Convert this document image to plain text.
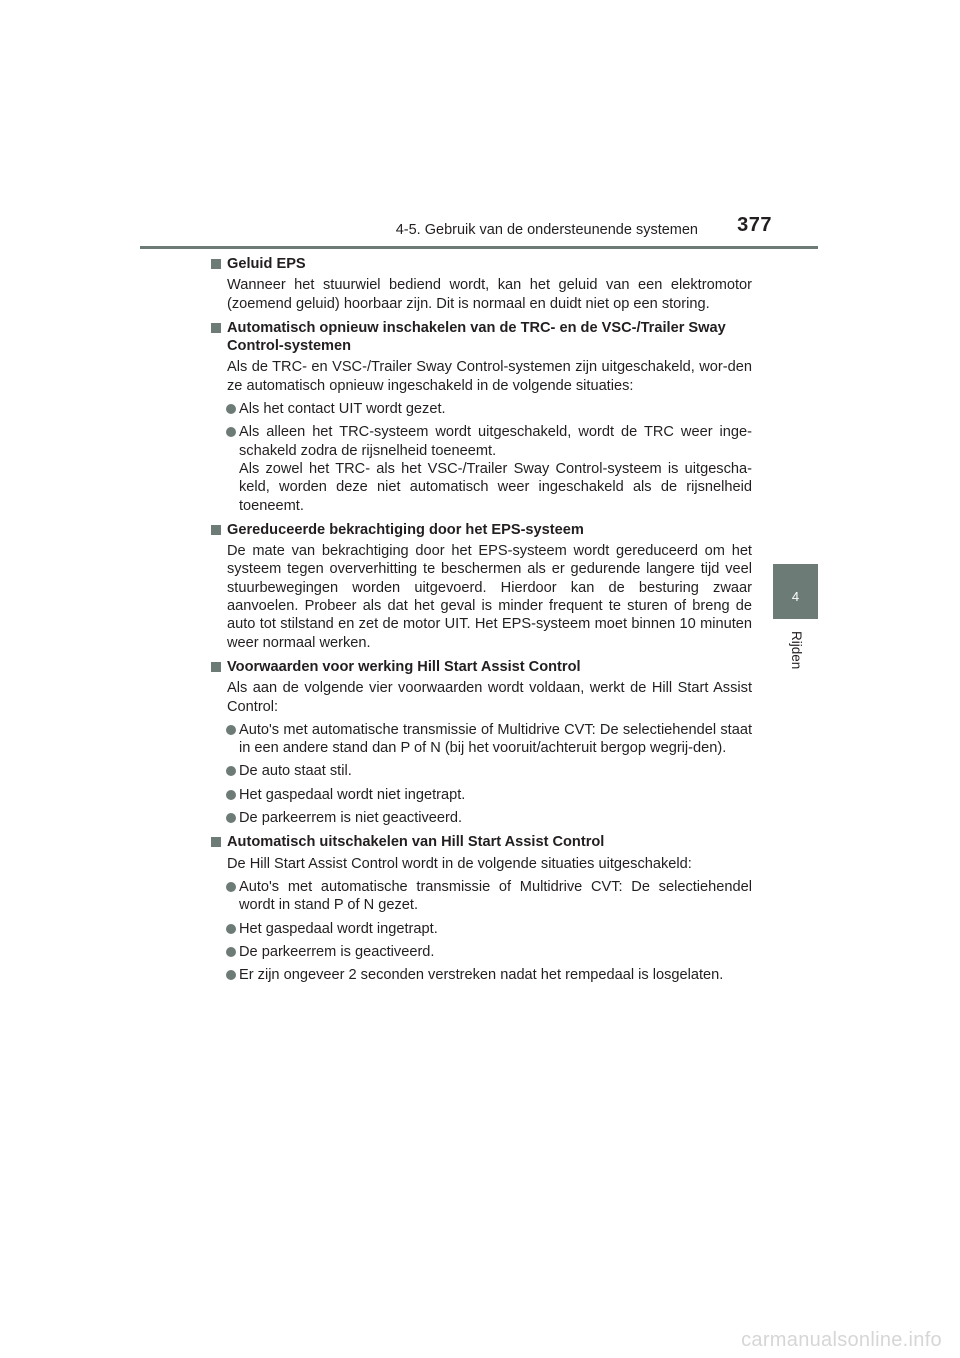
4-5. Gebruik van de ondersteunende systemen 377
4
Rijden
Geluid EPS
Wanneer het stuurwiel bediend wordt, kan het geluid van een elektromotor (zoemend geluid) hoorbaar zijn. Dit is normaal en duidt niet op een storing.
Automatisch opnieuw inschakelen van de TRC- en de VSC-/Trailer Sway Control-systemen
Als de TRC- en VSC-/Trailer Sway Control-systemen zijn uitgeschakeld, wor-den ze automatisch opnieuw ingeschakeld in de volgende situaties:
Als het contact UIT wordt gezet.
Als alleen het TRC-systeem wordt uitgeschakeld, wordt de TRC weer inge-schakeld zodra de rijsnelheid toeneemt.
Als zowel het TRC- als het VSC-/Trailer Sway Control-systeem is uitgescha-keld, worden deze niet automatisch weer ingeschakeld als de rijsnelheid toeneemt.
Gereduceerde bekrachtiging door het EPS-systeem
De mate van bekrachtiging door het EPS-systeem wordt gereduceerd om het systeem tegen oververhitting te beschermen als er gedurende langere tijd veel stuurbewegingen worden uitgevoerd. Hierdoor kan de besturing zwaar aanvoelen. Probeer als dat het geval is minder frequent te sturen of breng de auto tot stilstand en zet de motor UIT. Het EPS-systeem moet binnen 10 minuten weer normaal werken.
Voorwaarden voor werking Hill Start Assist Control
Als aan de volgende vier voorwaarden wordt voldaan, werkt de Hill Start Assist Control:
Auto's met automatische transmissie of Multidrive CVT: De selectiehendel staat in een andere stand dan P of N (bij het vooruit/achteruit bergop wegrij-den).
De auto staat stil.
Het gaspedaal wordt niet ingetrapt.
De parkeerrem is niet geactiveerd.
Automatisch uitschakelen van Hill Start Assist Control
De Hill Start Assist Control wordt in de volgende situaties uitgeschakeld:
Auto's met automatische transmissie of Multidrive CVT: De selectiehendel wordt in stand P of N gezet.
Het gaspedaal wordt ingetrapt.
De parkeerrem is geactiveerd.
Er zijn ongeveer 2 seconden verstreken nadat het rempedaal is losgelaten.
carmanualsonline.info
